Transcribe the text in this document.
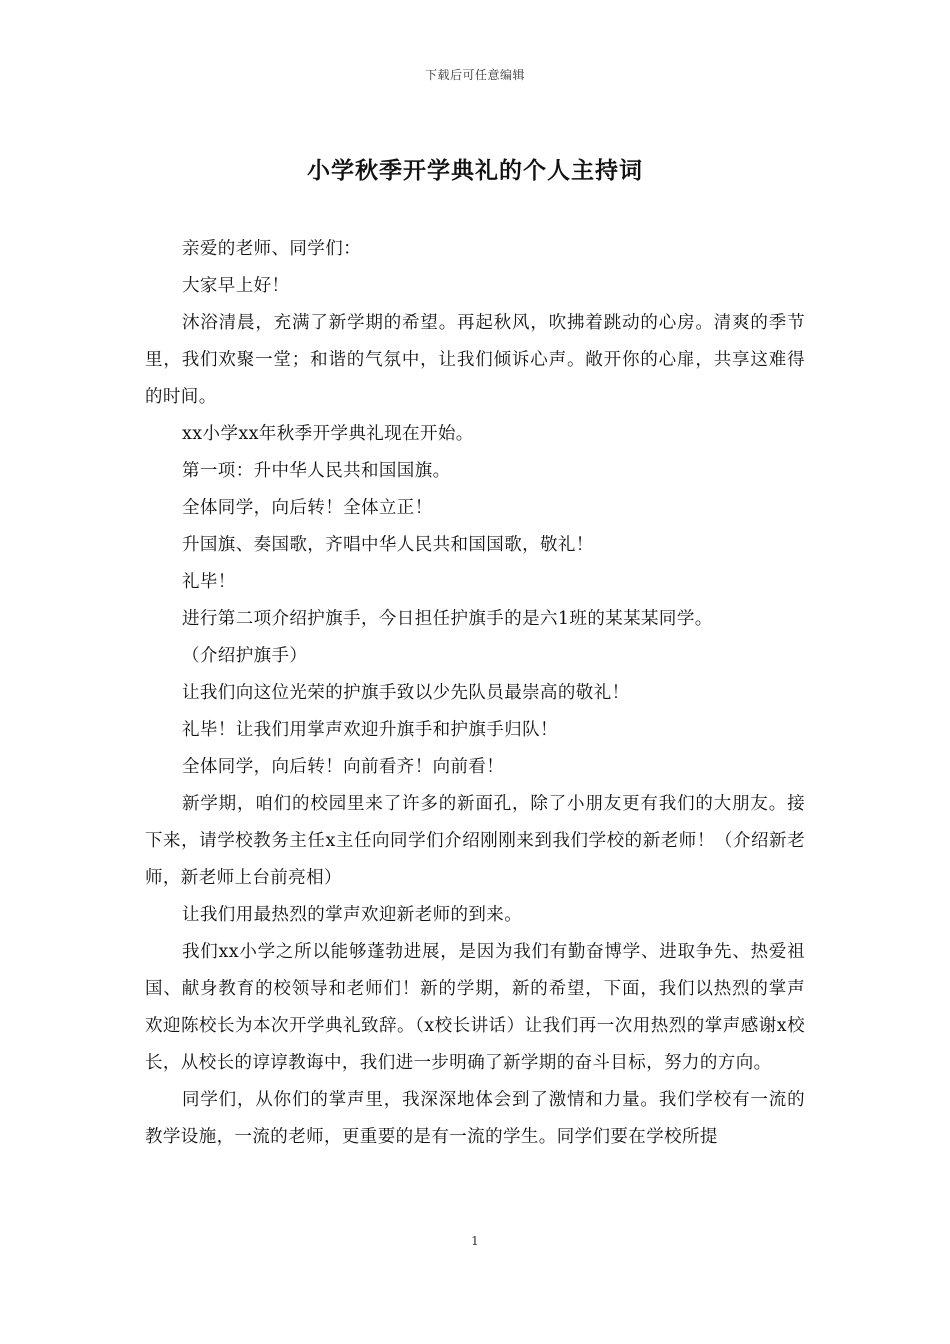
下载后可任意编辑
小学秋季开学典礼的个人主持词

亲爱的老师、同学们：

大家早上好！

沐浴清晨，充满了新学期的希望。再起秋风，吹拂着跳动的心房。清爽的季节里，我们欢聚一堂；和谐的气氛中，让我们倾诉心声。敞开你的心扉，共享这难得的时间。

xx小学xx年秋季开学典礼现在开始。

第一项：升中华人民共和国国旗。

全体同学，向后转！全体立正！

升国旗、奏国歌，齐唱中华人民共和国国歌，敬礼！

礼毕！

进行第二项介绍护旗手，今日担任护旗手的是六1班的某某某同学。

（介绍护旗手）

让我们向这位光荣的护旗手致以少先队员最崇高的敬礼！

礼毕！让我们用掌声欢迎升旗手和护旗手归队！

全体同学，向后转！向前看齐！向前看！

新学期，咱们的校园里来了许多的新面孔，除了小朋友更有我们的大朋友。接下来，请学校教务主任x主任向同学们介绍刚刚来到我们学校的新老师！（介绍新老师，新老师上台前亮相）

让我们用最热烈的掌声欢迎新老师的到来。

我们xx小学之所以能够蓬勃进展，是因为我们有勤奋博学、进取争先、热爱祖国、献身教育的校领导和老师们！新的学期，新的希望，下面，我们以热烈的掌声欢迎陈校长为本次开学典礼致辞。（x校长讲话）让我们再一次用热烈的掌声感谢x校长，从校长的谆谆教诲中，我们进一步明确了新学期的奋斗目标，努力的方向。

同学们，从你们的掌声里，我深深地体会到了激情和力量。我们学校有一流的教学设施，一流的老师，更重要的是有一流的学生。同学们要在学校所提

1
